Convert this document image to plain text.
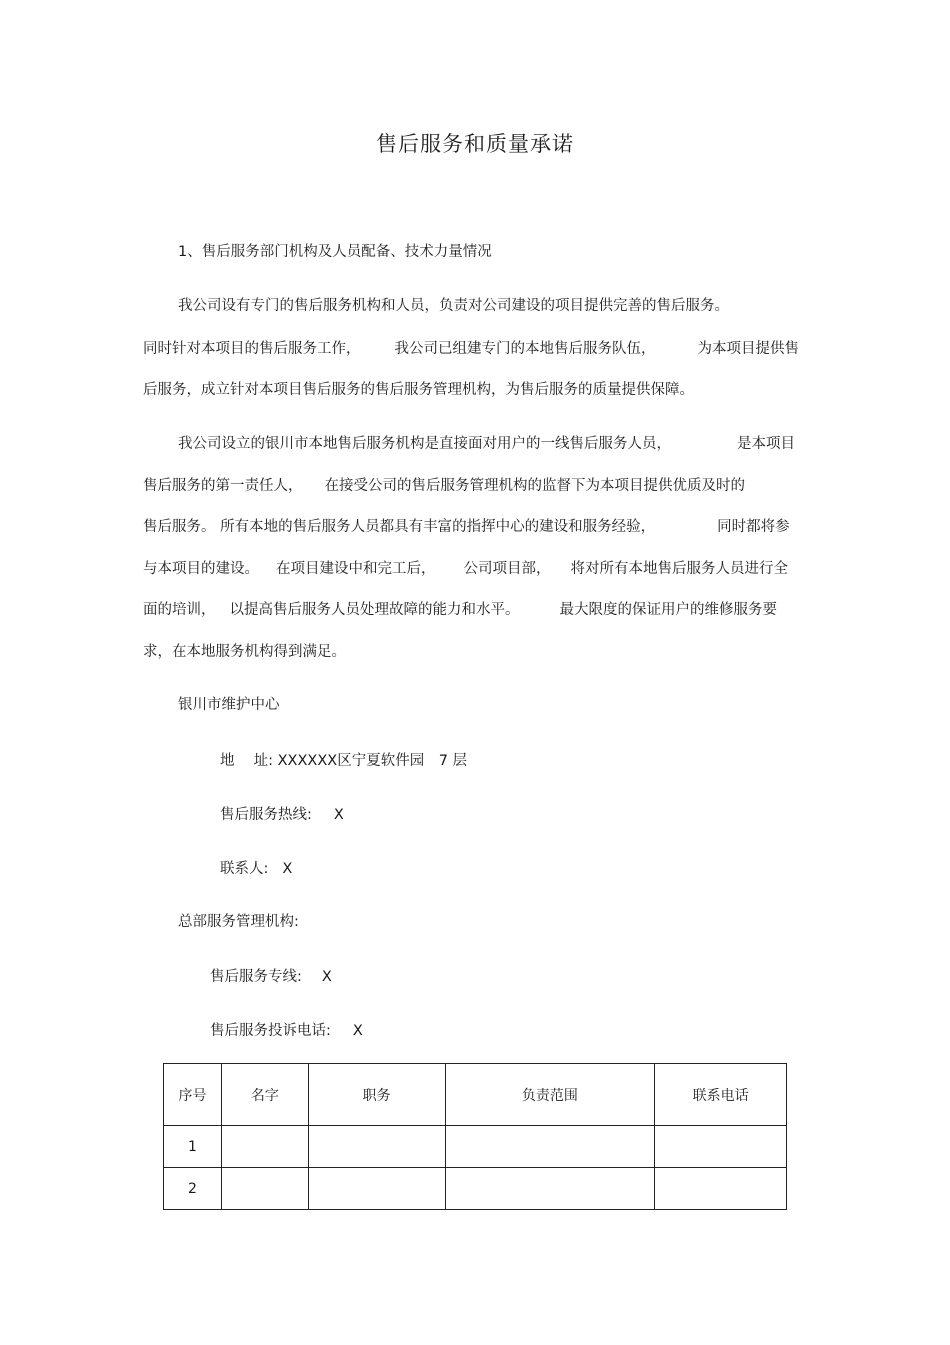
售后服务和质量承诺
1、售后服务部门机构及人员配备、技术力量情况
我公司设有专门的售后服务机构和人员，负责对公司建设的项目提供完善的售后服务。
同时针对本项目的售后服务工作， 我公司已组建专门的本地售后服务队伍，	为本项目提供售
后服务，成立针对本项目售后服务的售后服务管理机构，为售后服务的质量提供保障。
我公司设立的银川市本地售后服务机构是直接面对用户的一线售后服务人员，	是本项目
售后服务的第一责任人， 在接受公司的售后服务管理机构的监督下为本项目提供优质及时的
售后服务。 所有本地的售后服务人员都具有丰富的指挥中心的建设和服务经验，	同时都将参
与本项目的建设。 在项目建设中和完工后， 公司项目部， 将对所有本地售后服务人员进行全
面的培训， 以提高售后服务人员处理故障的能力和水平。	最大限度的保证用户的维修服务要
求，在本地服务机构得到满足。
银川市维护中心
地　 址: XXXXXX区宁夏软件园　7 层
售后服务热线: X
联系人: X
总部服务管理机构:
售后服务专线: X
售后服务投诉电话: X
序号	名字	职务	负责范围	联系电话
1				
2				
